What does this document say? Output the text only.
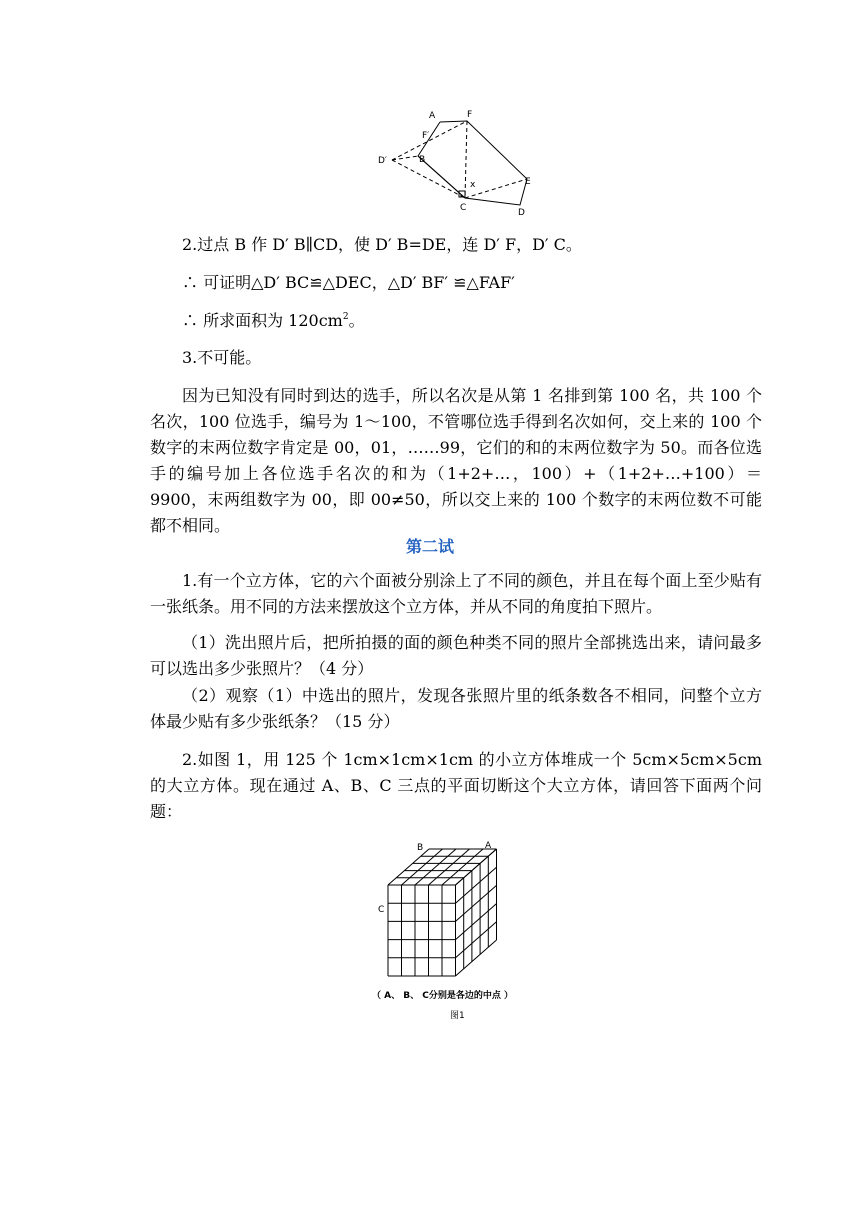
A	F
F′
D′	B
x	E
C	D

2.过点 B 作 D′ B∥CD，使 D′ B=DE，连 D′ F，D′ C。

∴ 可证明△D′ BC≌△DEC，△D′ BF′ ≌△FAF′

∴ 所求面积为 $120cm^2$。

3.不可能。

因为已知没有同时到达的选手，所以名次是从第 1 名排到第 100 名，共 100 个名次，100 位选手，编号为 1～100，不管哪位选手得到名次如何，交上来的 100 个数字的末两位数字肯定是 00，01，……99，它们的和的末两位数字为 50。而各位选手的编号加上各位选手名次的和为（1+2+…，100）+（1+2+…+100）＝ 9900，末两组数字为 00，即 00≠50，所以交上来的 100 个数字的末两位数不可能都不相同。

第二试

1.有一个立方体，它的六个面被分别涂上了不同的颜色，并且在每个面上至少贴有一张纸条。用不同的方法来摆放这个立方体，并从不同的角度拍下照片。

（1）洗出照片后，把所拍摄的面的颜色种类不同的照片全部挑选出来，请问最多可以选出多少张照片？（4 分）

（2）观察（1）中选出的照片，发现各张照片里的纸条数各不相同，问整个立方体最少贴有多少张纸条？（15 分）

2.如图 1，用 125 个 1cm×1cm×1cm 的小立方体堆成一个 5cm×5cm×5cm 的大立方体。现在通过 A、B、C 三点的平面切断这个大立方体，请回答下面两个问题：

B	A
C
（ A、 B、 C分别是各边的中点 ）
图1
